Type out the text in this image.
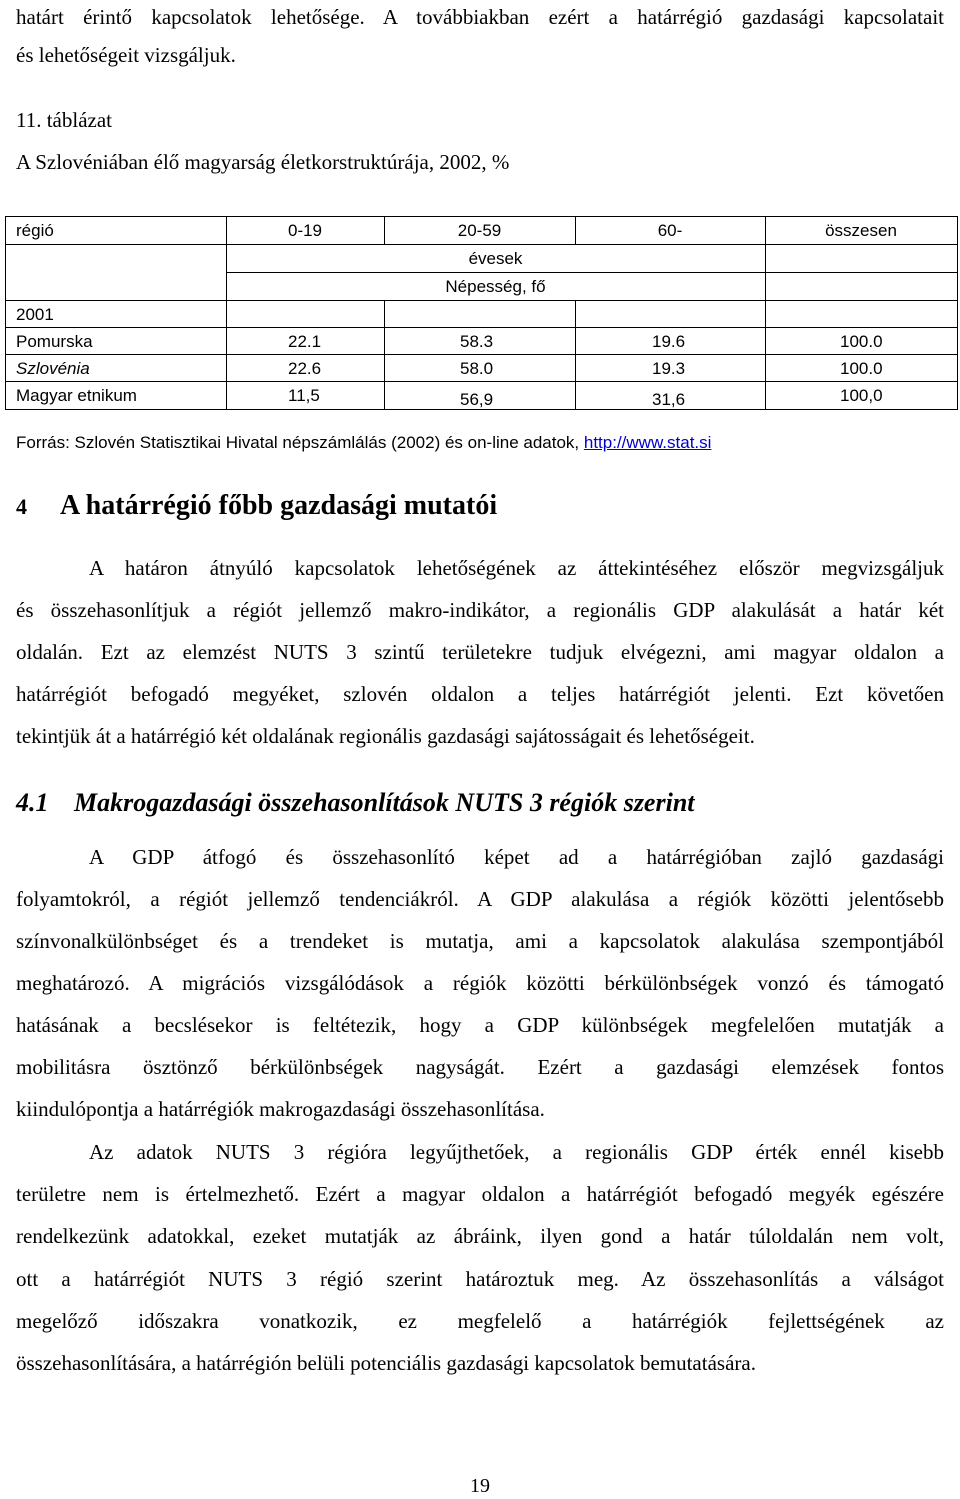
határt érintő kapcsolatok lehetősége. A továbbiakban ezért a határrégió gazdasági kapcsolatait
és lehetőségeit vizsgáljuk.
11. táblázat
A Szlovéniában élő magyarság életkorstruktúrája, 2002, %
régió	0-19	20-59	60-	összesen
évesek
Népesség, fő
2001
Pomurska	22.1	58.3	19.6	100.0
Szlovénia	22.6	58.0	19.3	100.0
Magyar etnikum	11,5	56,9	31,6	100,0
Forrás: Szlovén Statisztikai Hivatal népszámlálás (2002) és on-line adatok, http://www.stat.si
4 A határrégió főbb gazdasági mutatói
A határon átnyúló kapcsolatok lehetőségének az áttekintéséhez először megvizsgáljuk
és összehasonlítjuk a régiót jellemző makro-indikátor, a regionális GDP alakulását a határ két
oldalán. Ezt az elemzést NUTS 3 szintű területekre tudjuk elvégezni, ami magyar oldalon a
határrégiót befogadó megyéket, szlovén oldalon a teljes határrégiót jelenti. Ezt követően
tekintjük át a határrégió két oldalának regionális gazdasági sajátosságait és lehetőségeit.
4.1 Makrogazdasági összehasonlítások NUTS 3 régiók szerint
A GDP átfogó és összehasonlító képet ad a határrégióban zajló gazdasági
folyamtokról, a régiót jellemző tendenciákról. A GDP alakulása a régiók közötti jelentősebb
színvonalkülönbséget és a trendeket is mutatja, ami a kapcsolatok alakulása szempontjából
meghatározó. A migrációs vizsgálódások a régiók közötti bérkülönbségek vonzó és támogató
hatásának a becslésekor is feltétezik, hogy a GDP különbségek megfelelően mutatják a
mobilitásra ösztönző bérkülönbségek nagyságát. Ezért a gazdasági elemzések fontos
kiindulópontja a határrégiók makrogazdasági összehasonlítása.
Az adatok NUTS 3 régióra legyűjthetőek, a regionális GDP érték ennél kisebb
területre nem is értelmezhető. Ezért a magyar oldalon a határrégiót befogadó megyék egészére
rendelkezünk adatokkal, ezeket mutatják az ábráink, ilyen gond a határ túloldalán nem volt,
ott a határrégiót NUTS 3 régió szerint határoztuk meg. Az összehasonlítás a válságot
megelőző időszakra vonatkozik, ez megfelelő a határrégiók fejlettségének az
összehasonlítására, a határrégión belüli potenciális gazdasági kapcsolatok bemutatására.
19
